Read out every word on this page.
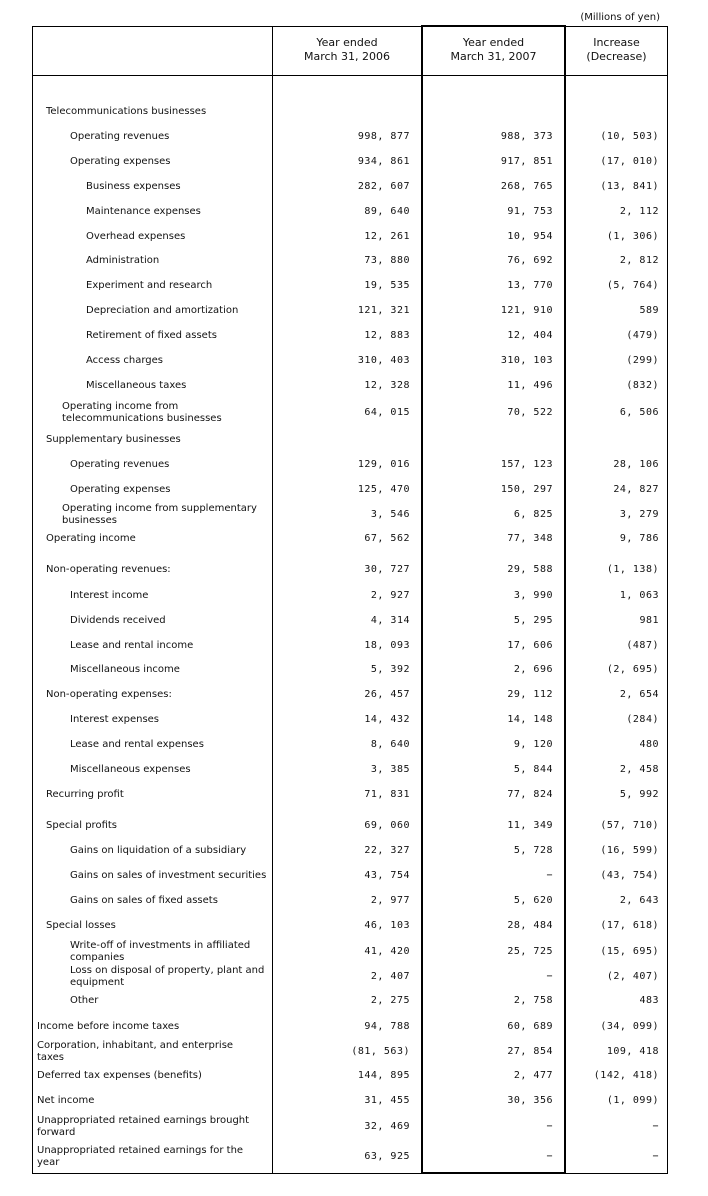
(Millions of yen)
Year ended
March 31, 2006
Year ended
March 31, 2007
Increase
(Decrease)
Telecommunications businesses
Operating revenues	998, 877	988, 373	(10, 503)
Operating expenses	934, 861	917, 851	(17, 010)
Business expenses	282, 607	268, 765	(13, 841)
Maintenance expenses	89, 640	91, 753	2, 112
Overhead expenses	12, 261	10, 954	(1, 306)
Administration	73, 880	76, 692	2, 812
Experiment and research	19, 535	13, 770	(5, 764)
Depreciation and amortization	121, 321	121, 910	589
Retirement of fixed assets	12, 883	12, 404	(479)
Access charges	310, 403	310, 103	(299)
Miscellaneous taxes	12, 328	11, 496	(832)
Operating income from telecommunications businesses
64, 015	70, 522	6, 506
Supplementary businesses
Operating revenues	129, 016	157, 123	28, 106
Operating expenses	125, 470	150, 297	24, 827
Operating income from supplementary businesses
3, 546	6, 825	3, 279
Operating income	67, 562	77, 348	9, 786
Non-operating revenues:	30, 727	29, 588	(1, 138)
Interest income	2, 927	3, 990	1, 063
Dividends received	4, 314	5, 295	981
Lease and rental income	18, 093	17, 606	(487)
Miscellaneous income	5, 392	2, 696	(2, 695)
Non-operating expenses:	26, 457	29, 112	2, 654
Interest expenses	14, 432	14, 148	(284)
Lease and rental expenses	8, 640	9, 120	480
Miscellaneous expenses	3, 385	5, 844	2, 458
Recurring profit	71, 831	77, 824	5, 992
Special profits	69, 060	11, 349	(57, 710)
Gains on liquidation of a subsidiary	22, 327	5, 728	(16, 599)
Gains on sales of investment securities	43, 754	−	(43, 754)
Gains on sales of fixed assets	2, 977	5, 620	2, 643
Special losses	46, 103	28, 484	(17, 618)
Write-off of investments in affiliated companies
41, 420	25, 725	(15, 695)
Loss on disposal of property, plant and equipment
2, 407	−	(2, 407)
Other	2, 275	2, 758	483
Income before income taxes	94, 788	60, 689	(34, 099)
Corporation, inhabitant, and enterprise taxes
(81, 563)	27, 854	109, 418
Deferred tax expenses (benefits)	144, 895	2, 477	(142, 418)
Net income	31, 455	30, 356	(1, 099)
Unappropriated retained earnings brought forward
32, 469	−	−
Unappropriated retained earnings for the year
63, 925	−	−
